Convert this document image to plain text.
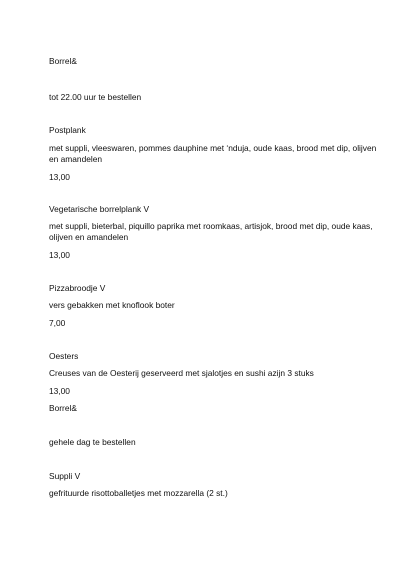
Borrel&
tot 22.00 uur te bestellen
Postplank
met suppli, vleeswaren, pommes dauphine met ‘nduja, oude kaas, brood met dip, olijven en amandelen
13,00
Vegetarische borrelplank V
met suppli, bieterbal, piquillo paprika met roomkaas, artisjok, brood met dip, oude kaas, olijven en amandelen
13,00
Pizzabroodje V
vers gebakken met knoflook boter
7,00
Oesters
Creuses van de Oesterij geserveerd met sjalotjes en sushi azijn 3 stuks
13,00
Borrel&
gehele dag te bestellen
Suppli V
gefrituurde risottoballetjes met mozzarella (2 st.)
